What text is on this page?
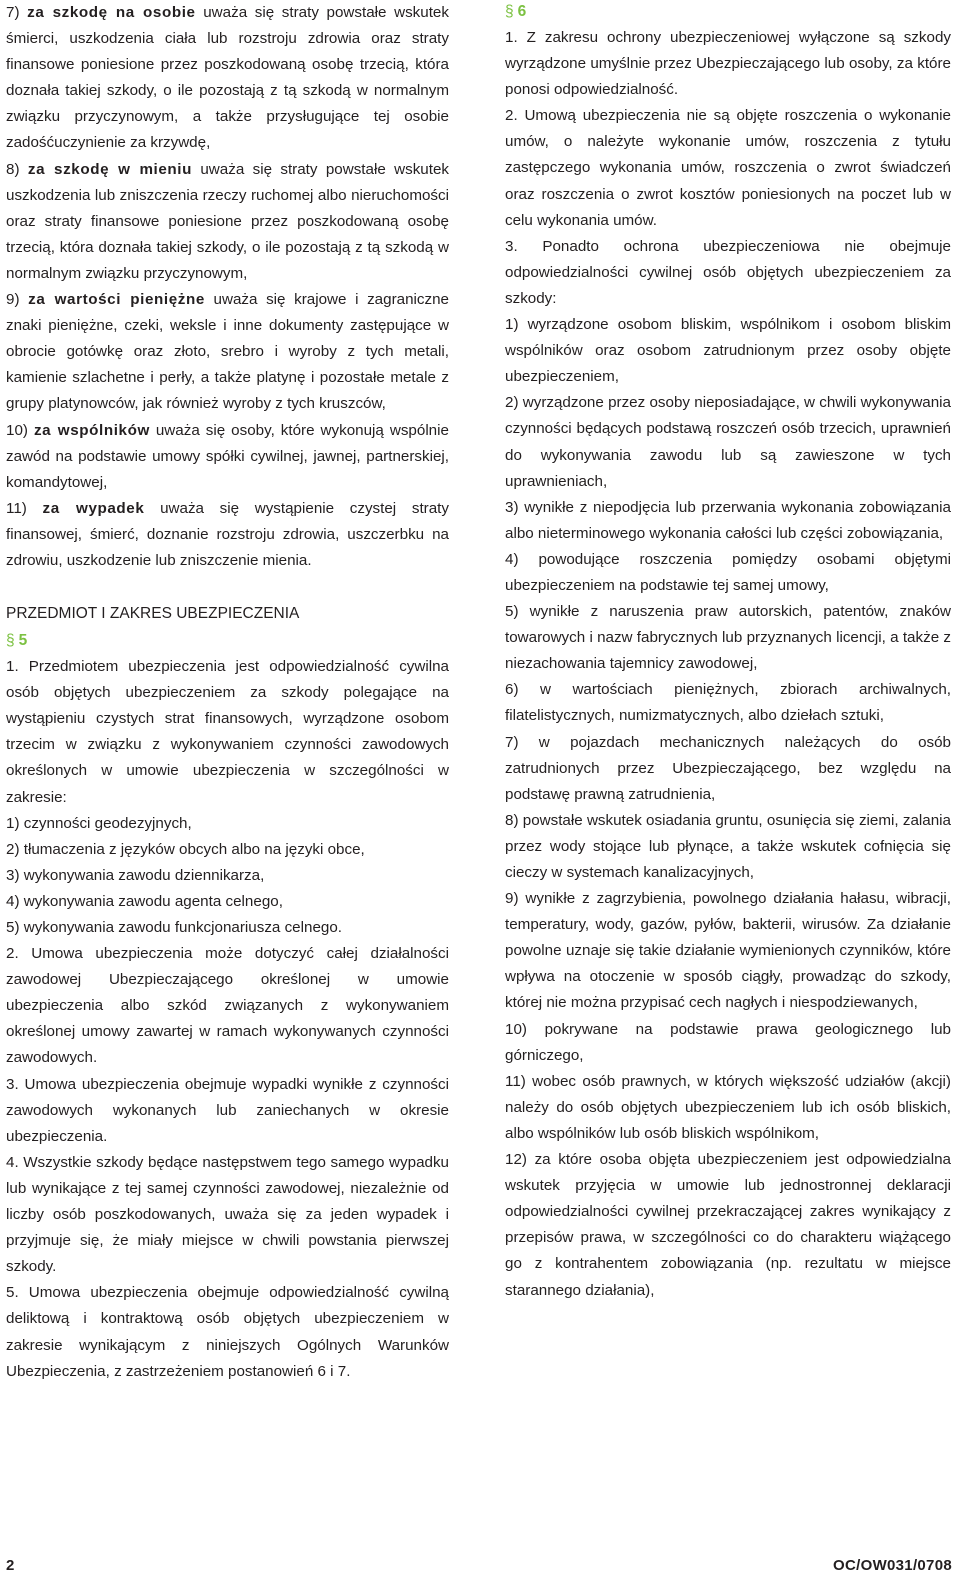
7) za szkodę na osobie uważa się straty powstałe wskutek śmierci, uszkodzenia ciała lub rozstroju zdrowia oraz straty finansowe poniesione przez poszkodowaną osobę trzecią, która doznała takiej szkody, o ile pozostają z tą szkodą w normalnym związku przyczynowym, a także przysługujące tej osobie zadośćuczynienie za krzywdę,

8) za szkodę w mieniu uważa się straty powstałe wskutek uszkodzenia lub zniszczenia rzeczy ruchomej albo nieruchomości oraz straty finansowe poniesione przez poszkodowaną osobę trzecią, która doznała takiej szkody, o ile pozostają z tą szkodą w normalnym związku przyczynowym,

9) za wartości pieniężne uważa się krajowe i zagraniczne znaki pieniężne, czeki, weksle i inne dokumenty zastępujące w obrocie gotówkę oraz złoto, srebro i wyroby z tych metali, kamienie szlachetne i perły, a także platynę i pozostałe metale z grupy platynowców, jak również wyroby z tych kruszców,

10) za wspólników uważa się osoby, które wykonują wspólnie zawód na podstawie umowy spółki cywilnej, jawnej, partnerskiej, komandytowej,

11) za wypadek uważa się wystąpienie czystej straty finansowej, śmierć, doznanie rozstroju zdrowia, uszczerbku na zdrowiu, uszkodzenie lub zniszczenie mienia.

PRZEDMIOT I ZAKRES UBEZPIECZENIA

§ 5

1. Przedmiotem ubezpieczenia jest odpowiedzialność cywilna osób objętych ubezpieczeniem za szkody polegające na wystąpieniu czystych strat finansowych, wyrządzone osobom trzecim w związku z wykonywaniem czynności zawodowych określonych w umowie ubezpieczenia w szczególności w zakresie:

1) czynności geodezyjnych,

2) tłumaczenia z języków obcych albo na języki obce,

3) wykonywania zawodu dziennikarza,

4) wykonywania zawodu agenta celnego,

5) wykonywania zawodu funkcjonariusza celnego.

2. Umowa ubezpieczenia może dotyczyć całej działalności zawodowej Ubezpieczającego określonej w umowie ubezpieczenia albo szkód związanych z wykonywaniem określonej umowy zawartej w ramach wykonywanych czynności zawodowych.

3. Umowa ubezpieczenia obejmuje wypadki wynikłe z czynności zawodowych wykonanych lub zaniechanych w okresie ubezpieczenia.

4. Wszystkie szkody będące następstwem tego samego wypadku lub wynikające z tej samej czynności zawodowej, niezależnie od liczby osób poszkodowanych, uważa się za jeden wypadek i przyjmuje się, że miały miejsce w chwili powstania pierwszej szkody.

5. Umowa ubezpieczenia obejmuje odpowiedzialność cywilną deliktową i kontraktową osób objętych ubezpieczeniem w zakresie wynikającym z niniejszych Ogólnych Warunków Ubezpieczenia, z zastrzeżeniem postanowień 6 i 7.

§ 6

1. Z zakresu ochrony ubezpieczeniowej wyłączone są szkody wyrządzone umyślnie przez Ubezpieczającego lub osoby, za które ponosi odpowiedzialność.

2. Umową ubezpieczenia nie są objęte roszczenia o wykonanie umów, o należyte wykonanie umów, roszczenia z tytułu zastępczego wykonania umów, roszczenia o zwrot świadczeń oraz roszczenia o zwrot kosztów poniesionych na poczet lub w celu wykonania umów.

3. Ponadto ochrona ubezpieczeniowa nie obejmuje odpowiedzialności cywilnej osób objętych ubezpieczeniem za szkody:

1) wyrządzone osobom bliskim, wspólnikom i osobom bliskim wspólników oraz osobom zatrudnionym przez osoby objęte ubezpieczeniem,

2) wyrządzone przez osoby nieposiadające, w chwili wykonywania czynności będących podstawą roszczeń osób trzecich, uprawnień do wykonywania zawodu lub są zawieszone w tych uprawnieniach,

3) wynikłe z niepodjęcia lub przerwania wykonania zobowiązania albo nieterminowego wykonania całości lub części zobowiązania,

4) powodujące roszczenia pomiędzy osobami objętymi ubezpieczeniem na podstawie tej samej umowy,

5) wynikłe z naruszenia praw autorskich, patentów, znaków towarowych i nazw fabrycznych lub przyznanych licencji, a także z niezachowania tajemnicy zawodowej,

6) w wartościach pieniężnych, zbiorach archiwalnych, filatelistycznych, numizmatycznych, albo dziełach sztuki,

7) w pojazdach mechanicznych należących do osób zatrudnionych przez Ubezpieczającego, bez względu na podstawę prawną zatrudnienia,

8) powstałe wskutek osiadania gruntu, osunięcia się ziemi, zalania przez wody stojące lub płynące, a także wskutek cofnięcia się cieczy w systemach kanalizacyjnych,

9) wynikłe z zagrzybienia, powolnego działania hałasu, wibracji, temperatury, wody, gazów, pyłów, bakterii, wirusów. Za działanie powolne uznaje się takie działanie wymienionych czynników, które wpływa na otoczenie w sposób ciągły, prowadząc do szkody, której nie można przypisać cech nagłych i niespodziewanych,

10) pokrywane na podstawie prawa geologicznego lub górniczego,

11) wobec osób prawnych, w których większość udziałów (akcji) należy do osób objętych ubezpieczeniem lub ich osób bliskich, albo wspólników lub osób bliskich wspólnikom,

12) za które osoba objęta ubezpieczeniem jest odpowiedzialna wskutek przyjęcia w umowie lub jednostronnej deklaracji odpowiedzialności cywilnej przekraczającej zakres wynikający z przepisów prawa, w szczególności co do charakteru wiążącego go z kontrahentem zobowiązania (np. rezultatu w miejsce starannego działania),

2	OC/OW031/0708
